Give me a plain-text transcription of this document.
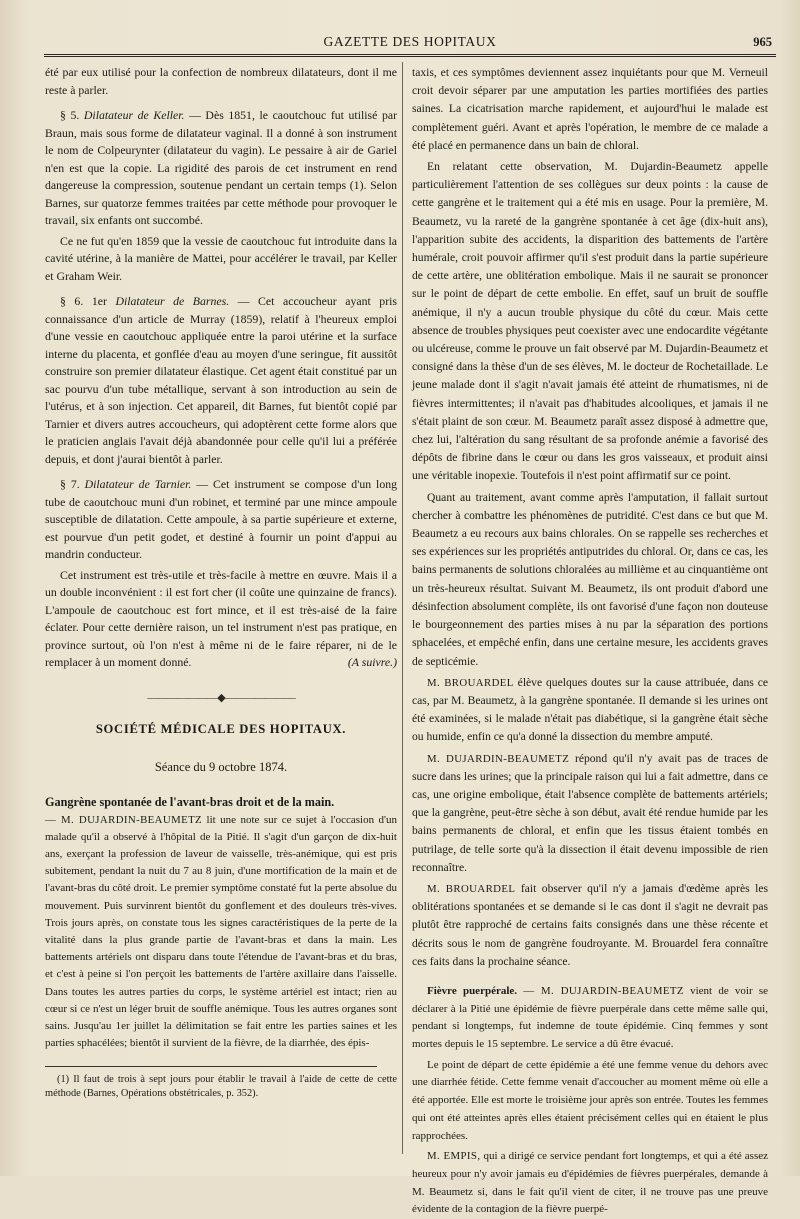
GAZETTE DES HOPITAUX	965

été par eux utilisé pour la confection de nombreux dilatateurs, dont il me reste à parler.

§ 5. Dilatateur de Keller. — Dès 1851, le caoutchouc fut utilisé par Braun, mais sous forme de dilatateur vaginal. Il a donné à son instrument le nom de Colpeurynter (dilatateur du vagin). Le pessaire à air de Gariel n'en est que la copie. La rigidité des parois de cet instrument en rend dangereuse la compression, soutenue pendant un certain temps (1). Selon Barnes, sur quatorze femmes traitées par cette méthode pour provoquer le travail, six enfants ont succombé.

Ce ne fut qu'en 1859 que la vessie de caoutchouc fut introduite dans la cavité utérine, à la manière de Mattei, pour accélérer le travail, par Keller et Graham Weir.

§ 6. 1er Dilatateur de Barnes. — Cet accoucheur ayant pris connaissance d'un article de Murray (1859), relatif à l'heureux emploi d'une vessie en caoutchouc appliquée entre la paroi utérine et la surface interne du placenta, et gonflée d'eau au moyen d'une seringue, fit aussitôt construire son premier dilatateur élastique. Cet agent était constitué par un sac pourvu d'un tube métallique, servant à son introduction au sein de l'utérus, et à son injection. Cet appareil, dit Barnes, fut bientôt copié par Tarnier et divers autres accoucheurs, qui adoptèrent cette forme alors que le praticien anglais l'avait déjà abandonnée pour celle qu'il lui a préférée depuis, et dont j'aurai bientôt à parler.

§ 7. Dilatateur de Tarnier. — Cet instrument se compose d'un long tube de caoutchouc muni d'un robinet, et terminé par une mince ampoule susceptible de dilatation. Cette ampoule, à sa partie supérieure et externe, est pourvue d'un petit godet, et destiné à fournir un point d'appui au mandrin conducteur.

Cet instrument est très-utile et très-facile à mettre en œuvre. Mais il a un double inconvénient : il est fort cher (il coûte une quinzaine de francs). L'ampoule de caoutchouc est fort mince, et il est très-aisé de la faire éclater. Pour cette dernière raison, un tel instrument n'est pas pratique, en province surtout, où l'on n'est à même ni de le faire réparer, ni de le remplacer à un moment donné.	(A suivre.)

———————◆———————
SOCIÉTÉ MÉDICALE DES HOPITAUX.
Séance du 9 octobre 1874.

Gangrène spontanée de l'avant-bras droit et de la main.

— M. DUJARDIN-BEAUMETZ lit une note sur ce sujet à l'occasion d'un malade qu'il a observé à l'hôpital de la Pitié. Il s'agit d'un garçon de dix-huit ans, exerçant la profession de laveur de vaisselle, très-anémique, qui est pris subitement, pendant la nuit du 7 au 8 juin, d'une mortification de la main et de l'avant-bras du côté droit. Le premier symptôme constaté fut la perte absolue du mouvement. Puis survinrent bientôt du gonflement et des douleurs très-vives. Trois jours après, on constate tous les signes caractéristiques de la perte de la vitalité dans la plus grande partie de l'avant-bras et dans la main. Les battements artériels ont disparu dans toute l'étendue de l'avant-bras et du bras, et c'est à peine si l'on perçoit les battements de l'artère axillaire dans l'aisselle. Dans toutes les autres parties du corps, le système artériel est intact; rien au cœur si ce n'est un léger bruit de souffle anémique. Tous les autres organes sont sains. Jusqu'au 1er juillet la délimitation se fait entre les parties saines et les parties sphacélées; bientôt il survient de la fièvre, de la diarrhée, des épis-

(1) Il faut de trois à sept jours pour établir le travail à l'aide de cette de cette méthode (Barnes, Opérations obstétricales, p. 352).

taxis, et ces symptômes deviennent assez inquiétants pour que M. Verneuil croit devoir séparer par une amputation les parties mortifiées des parties saines. La cicatrisation marche rapidement, et aujourd'hui le malade est complètement guéri. Avant et après l'opération, le membre de ce malade a été placé en permanence dans un bain de chloral.

En relatant cette observation, M. Dujardin-Beaumetz appelle particulièrement l'attention de ses collègues sur deux points : la cause de cette gangrène et le traitement qui a été mis en usage. Pour la première, M. Beaumetz, vu la rareté de la gangrène spontanée à cet âge (dix-huit ans), l'apparition subite des accidents, la disparition des battements de l'artère humérale, croit pouvoir affirmer qu'il s'est produit dans la partie supérieure de cette artère, une oblitération embolique. Mais il ne saurait se prononcer sur le point de départ de cette embolie. En effet, sauf un bruit de souffle anémique, il n'y a aucun trouble physique du côté du cœur. Mais cette absence de troubles physiques peut coexister avec une endocardite végétante ou ulcéreuse, comme le prouve un fait observé par M. Dujardin-Beaumetz et consigné dans la thèse d'un de ses élèves, M. le docteur de Rochetaillade. Le jeune malade dont il s'agit n'avait jamais été atteint de rhumatismes, ni de fièvres intermittentes; il n'avait pas d'habitudes alcooliques, et jamais il ne s'était plaint de son cœur. M. Beaumetz paraît assez disposé à admettre que, chez lui, l'altération du sang résultant de sa profonde anémie a favorisé des dépôts de fibrine dans le cœur ou dans les gros vaisseaux, et produit ainsi une véritable inopexie. Toutefois il n'est point affirmatif sur ce point.

Quant au traitement, avant comme après l'amputation, il fallait surtout chercher à combattre les phénomènes de putridité. C'est dans ce but que M. Beaumetz a eu recours aux bains chlorales. On se rappelle ses recherches et ses expériences sur les propriétés antiputrides du chloral. Or, dans ce cas, les bains permanents de solutions chloralées au millième et au cinquantième ont un très-heureux résultat. Suivant M. Beaumetz, ils ont produit d'abord une désinfection absolument complète, ils ont favorisé d'une façon non douteuse le bourgeonnement des parties mises à nu par la séparation des portions sphacelées, et empêché enfin, dans une certaine mesure, les accidents graves de septicémie.

M. BROUARDEL élève quelques doutes sur la cause attribuée, dans ce cas, par M. Beaumetz, à la gangrène spontanée. Il demande si les urines ont été examinées, si le malade n'était pas diabétique, si la gangrène était sèche ou humide, enfin ce qu'a donné la dissection du membre amputé.

M. DUJARDIN-BEAUMETZ répond qu'il n'y avait pas de traces de sucre dans les urines; que la principale raison qui lui a fait admettre, dans ce cas, une origine embolique, était l'absence complète de battements artériels; que la gangrène, peut-être sèche à son début, avait été rendue humide par les bains permanents de chloral, et enfin que les tissus étaient tombés en putrilage, de telle sorte qu'à la dissection il était devenu impossible de rien reconnaître.

M. BROUARDEL fait observer qu'il n'y a jamais d'œdème après les oblitérations spontanées et se demande si le cas dont il s'agit ne devrait pas plutôt être rapproché de certains faits consignés dans une thèse récente et décrits sous le nom de gangrène foudroyante. M. Brouardel fera connaître ces faits dans la prochaine séance.

Fièvre puerpérale. — M. DUJARDIN-BEAUMETZ vient de voir se déclarer à la Pitié une épidémie de fièvre puerpérale dans cette même salle qui, pendant si longtemps, fut indemne de toute épidémie. Cinq femmes y sont mortes depuis le 15 septembre. Le service a dû être évacué.

Le point de départ de cette épidémie a été une femme venue du dehors avec une diarrhée fétide. Cette femme venait d'accoucher au moment même où elle a été apportée. Elle est morte le troisième jour après son entrée. Toutes les femmes qui ont été atteintes après elles étaient précisément celles qui en étaient le plus rapprochées.

M. EMPIS, qui a dirigé ce service pendant fort longtemps, et qui a été assez heureux pour n'y avoir jamais eu d'épidémies de fièvres puerpérales, demande à M. Beaumetz si, dans le fait qu'il vient de citer, il ne trouve pas une preuve évidente de la contagion de la fièvre puerpé-
